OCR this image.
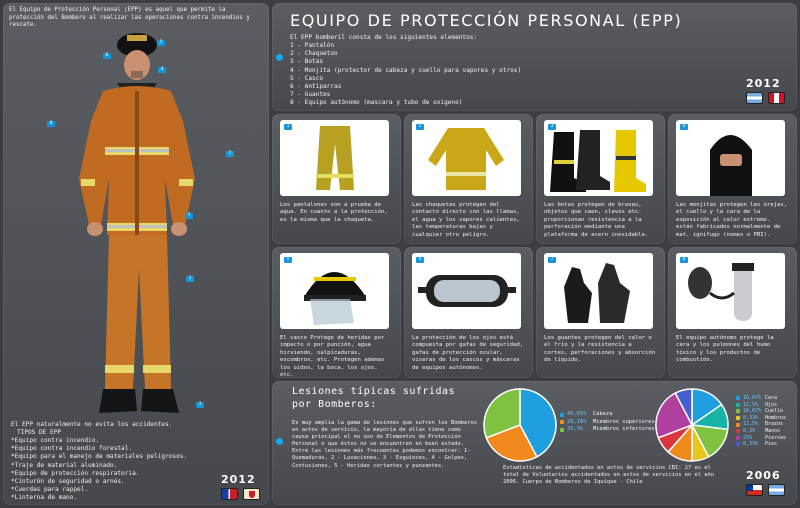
El Equipo de Protección Personal (EPP) es aquel que permite la protección del Bombero al realizar las operaciones contra incendios y rescate.

5
6
4
2
7
1
3
8

El EPP naturalmente no evita los accidentes.

TIPOS DE EPP

*Equipo contra incendio.
*Equipo contra incendio forestal.
*Equipo para el manejo de materiales peligrosos.
*Traje de material aluminado.
*Equipo de protección respiratoria.
*Cinturón de seguridad o arnés.
*Cuerdas para rappel.
*Linterna de mano.
2012
EQUIPO DE PROTECCIÓN PERSONAL (EPP)

El EPP bomberil consta de los siguientes elementos:

1 - Pantalón
2 - Chaqueton
3 - Botas
4 - Monjita (protector de cabeza y cuello para vapores y otros)
5 - Casco
6 - Antiparras
7 - Guantes
8 - Equipo autónomo (mascara y tubo de oxigeno)
2012
1

Los pantalones son a prueba de agua. En cuanto a la protección, es la misma que la chaqueta.

2

Las chaquetas protegen del contacto directo con las llamas, el agua y los vapores calientes, las temperaturas bajas y cualquier otro peligro.

3

Las botas protegen de brasas, objetos que caen, clavos etc. proporcionan resistencia a la perforación mediante una plataforma de acero inoxidable.

4

Las monjitas protegen las orejas, el cuello y la cara de la exposición al calor extremo. están fabricados normalmente de mat. ignifugo (nomex o PBI).

5

El casco Protege de heridas por impacto o por punción, agua hirviendo, salpicaduras, escombros, etc. Protegen ademas los oidos, la boca, los ojos. etc.

6

La protección de los ojos está compuesta por gafas de seguridad, gafas de protección ocular, viseras de los cascos y máscaras de equipos autónomos.

7

Los guantes protegen del calor o el frío y la resistencia a cortes, perforaciones y absorción de líquido.

8

El equipo autónomo protege la cara y los pulmones del humo tóxico y los productos de combustión.

Lesiones típicas sufridas por Bomberos:

Es muy amplia la gama de lesiones que sufren los Bomberos en actos de servicio, la mayoría de ellas tiene como causa principal el no uso de Elementos de Protección Personal o que éstos no se encuentren en buen estado. Entre las lesiones más frecuentes podemos encontrar: 1- Quemaduras, 2 - Luxaciones, 3 - Esguinces, 4 - Golpes, Contusiones, 5 - Heridas cortantes y punzantes.

45,65%	Cabeza
29,16%	Miembros superiores
33,3%	Miembros inferiores
16,67% Cara
12,5%	Ojos
16,67% Cuello
8,33%	Hombros
12,5%	Brazos
8,3%	Manos
25%	Piernas
8,33%	Pies

Estadísticas de accidentados en actos de servicios CBI: 27 es el total de Voluntarios accidentados en actos de servicios en el año 2006. Cuerpo de Bomberos de Iquique - Chile

2006
